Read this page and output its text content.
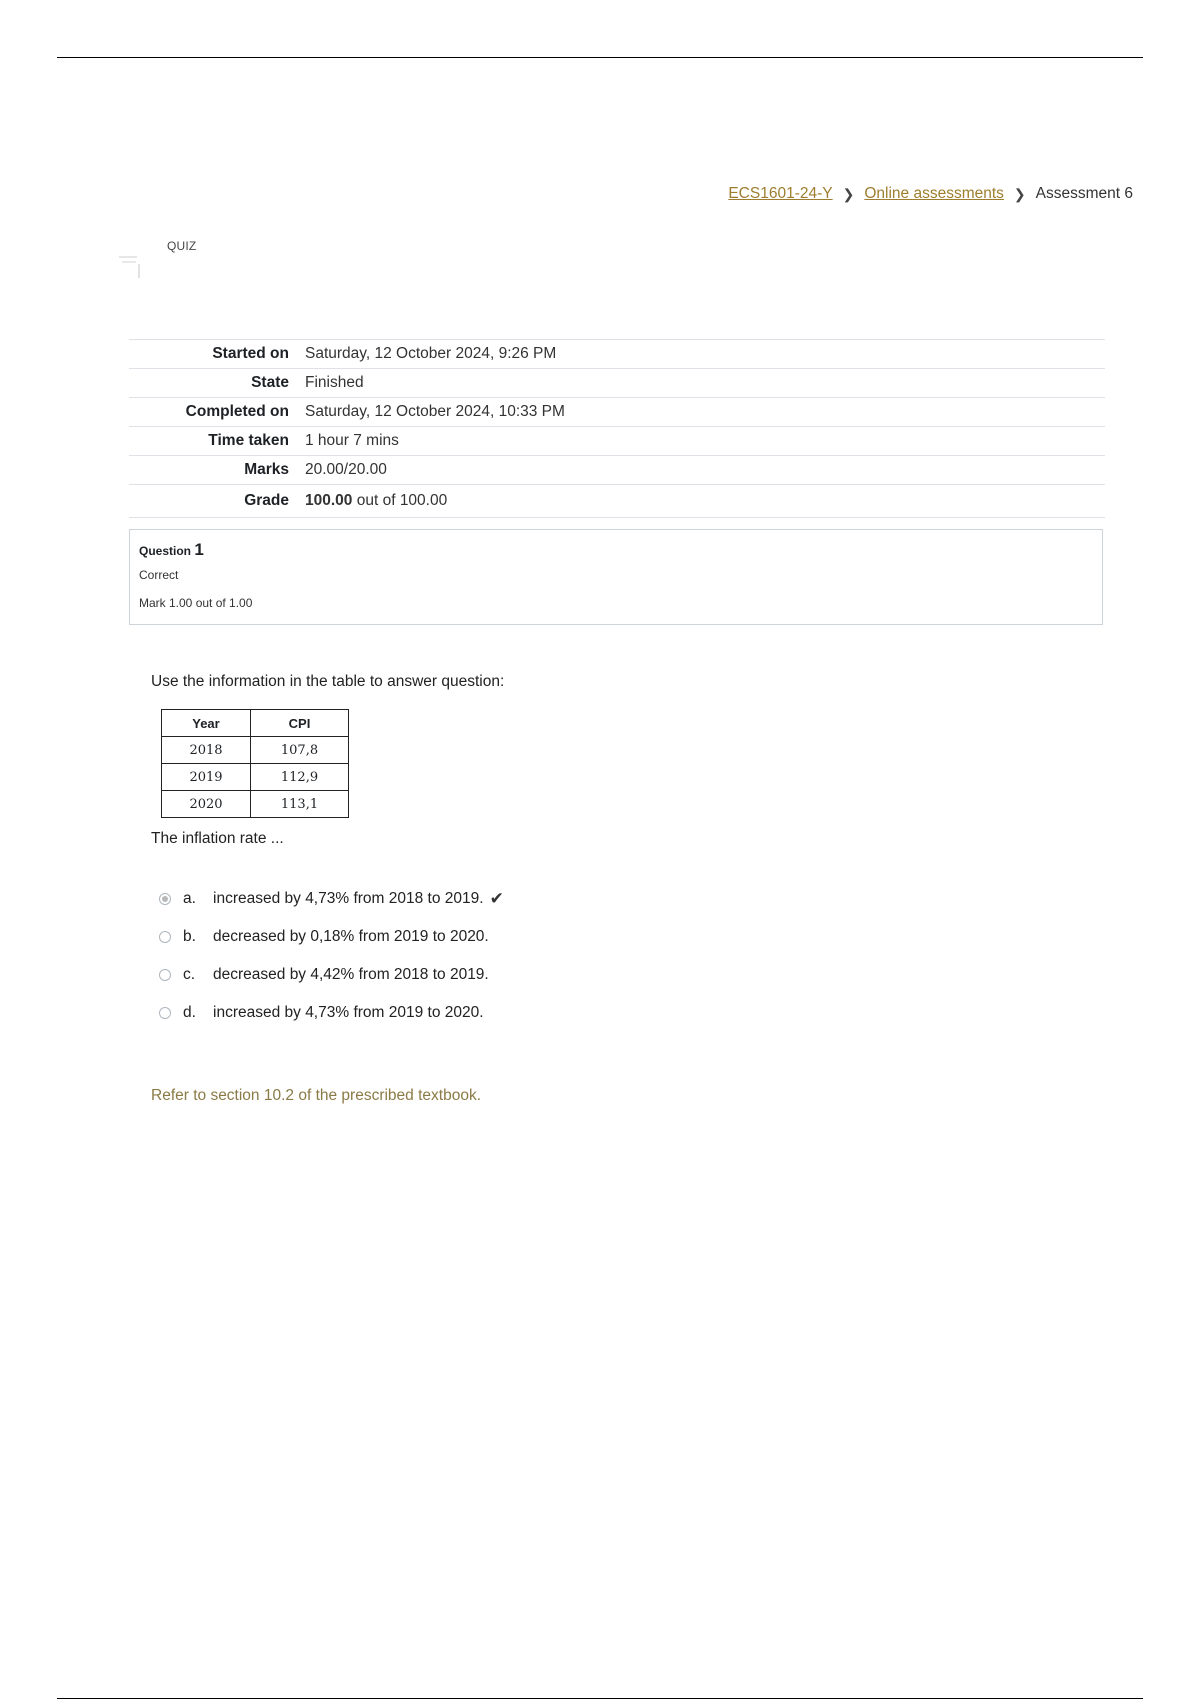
ECS1601-24-Y ❯ Online assessments ❯ Assessment 6
QUIZ
Started on	Saturday, 12 October 2024, 9:26 PM
State	Finished
Completed on	Saturday, 12 October 2024, 10:33 PM
Time taken	1 hour 7 mins
Marks	20.00/20.00
Grade	100.00 out of 100.00
Question 1
Correct
Mark 1.00 out of 1.00
Use the information in the table to answer question:
Year	CPI
2018	107,8
2019	112,9
2020	113,1
The inflation rate ...
a.	increased by 4,73% from 2018 to 2019. ✔
b.	decreased by 0,18% from 2019 to 2020.
c.	decreased by 4,42% from 2018 to 2019.
d.	increased by 4,73% from 2019 to 2020.
Refer to section 10.2 of the prescribed textbook.
